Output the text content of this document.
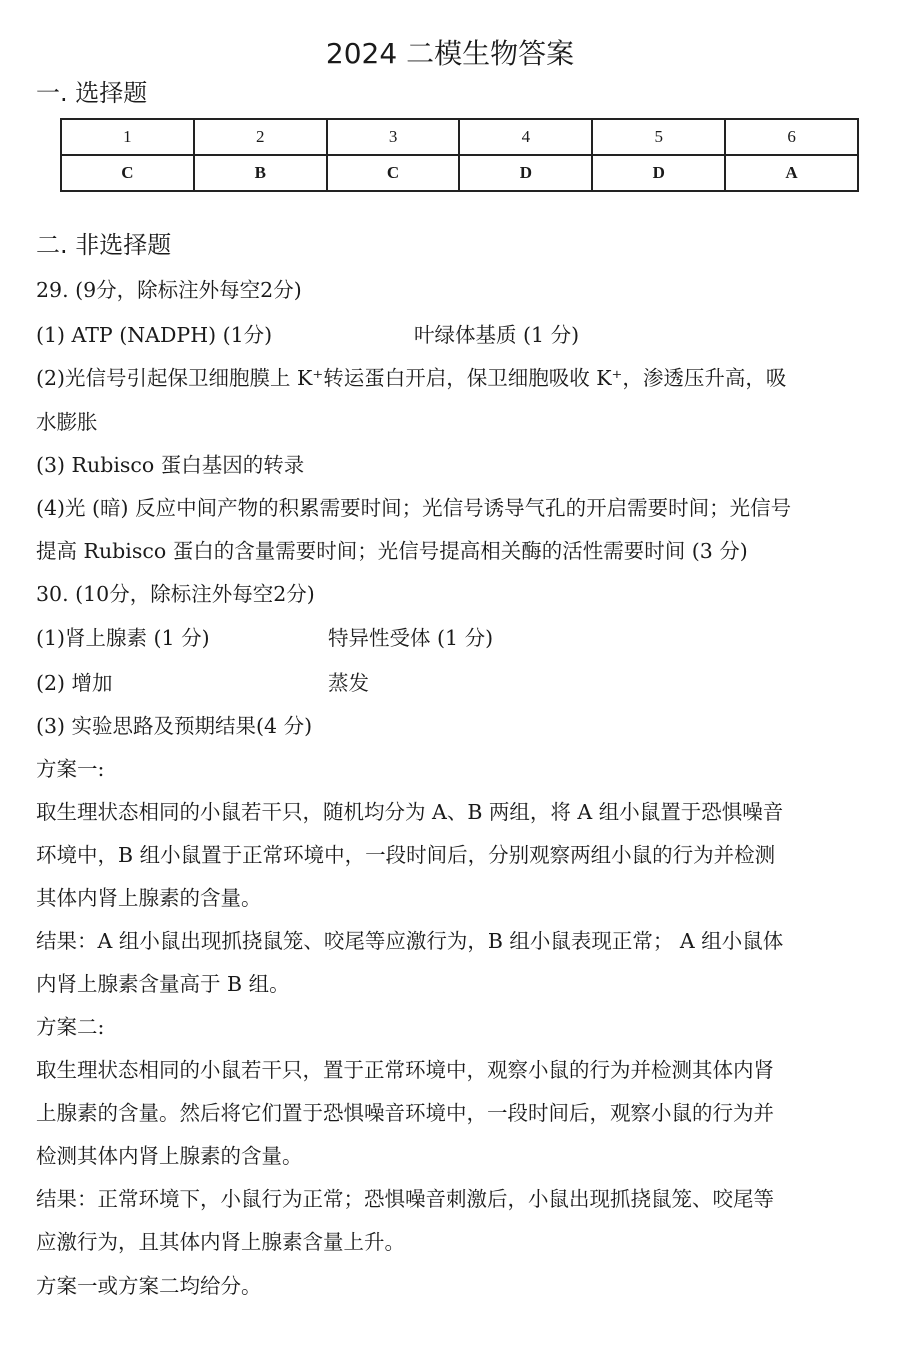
2024 二模生物答案
一. 选择题
1	2	3	4	5	6
C	B	C	D	D	A
二. 非选择题
29. (9分，除标注外每空2分)
(1) ATP (NADPH) (1分)	叶绿体基质 (1 分)
(2)光信号引起保卫细胞膜上 K⁺转运蛋白开启，保卫细胞吸收 K⁺，渗透压升高，吸
水膨胀
(3) Rubisco 蛋白基因的转录
(4)光 (暗) 反应中间产物的积累需要时间；光信号诱导气孔的开启需要时间；光信号
提高 Rubisco 蛋白的含量需要时间；光信号提高相关酶的活性需要时间 (3 分)
30. (10分，除标注外每空2分)
(1)肾上腺素 (1 分)	特异性受体 (1 分)
(2) 增加	蒸发
(3) 实验思路及预期结果(4 分)
方案一:
取生理状态相同的小鼠若干只，随机均分为 A、B 两组，将 A 组小鼠置于恐惧噪音
环境中，B 组小鼠置于正常环境中，一段时间后，分别观察两组小鼠的行为并检测
其体内肾上腺素的含量。
结果：A 组小鼠出现抓挠鼠笼、咬尾等应激行为，B 组小鼠表现正常； A 组小鼠体
内肾上腺素含量高于 B 组。
方案二:
取生理状态相同的小鼠若干只，置于正常环境中，观察小鼠的行为并检测其体内肾
上腺素的含量。然后将它们置于恐惧噪音环境中，一段时间后，观察小鼠的行为并
检测其体内肾上腺素的含量。
结果：正常环境下，小鼠行为正常；恐惧噪音刺激后，小鼠出现抓挠鼠笼、咬尾等
应激行为，且其体内肾上腺素含量上升。
方案一或方案二均给分。
